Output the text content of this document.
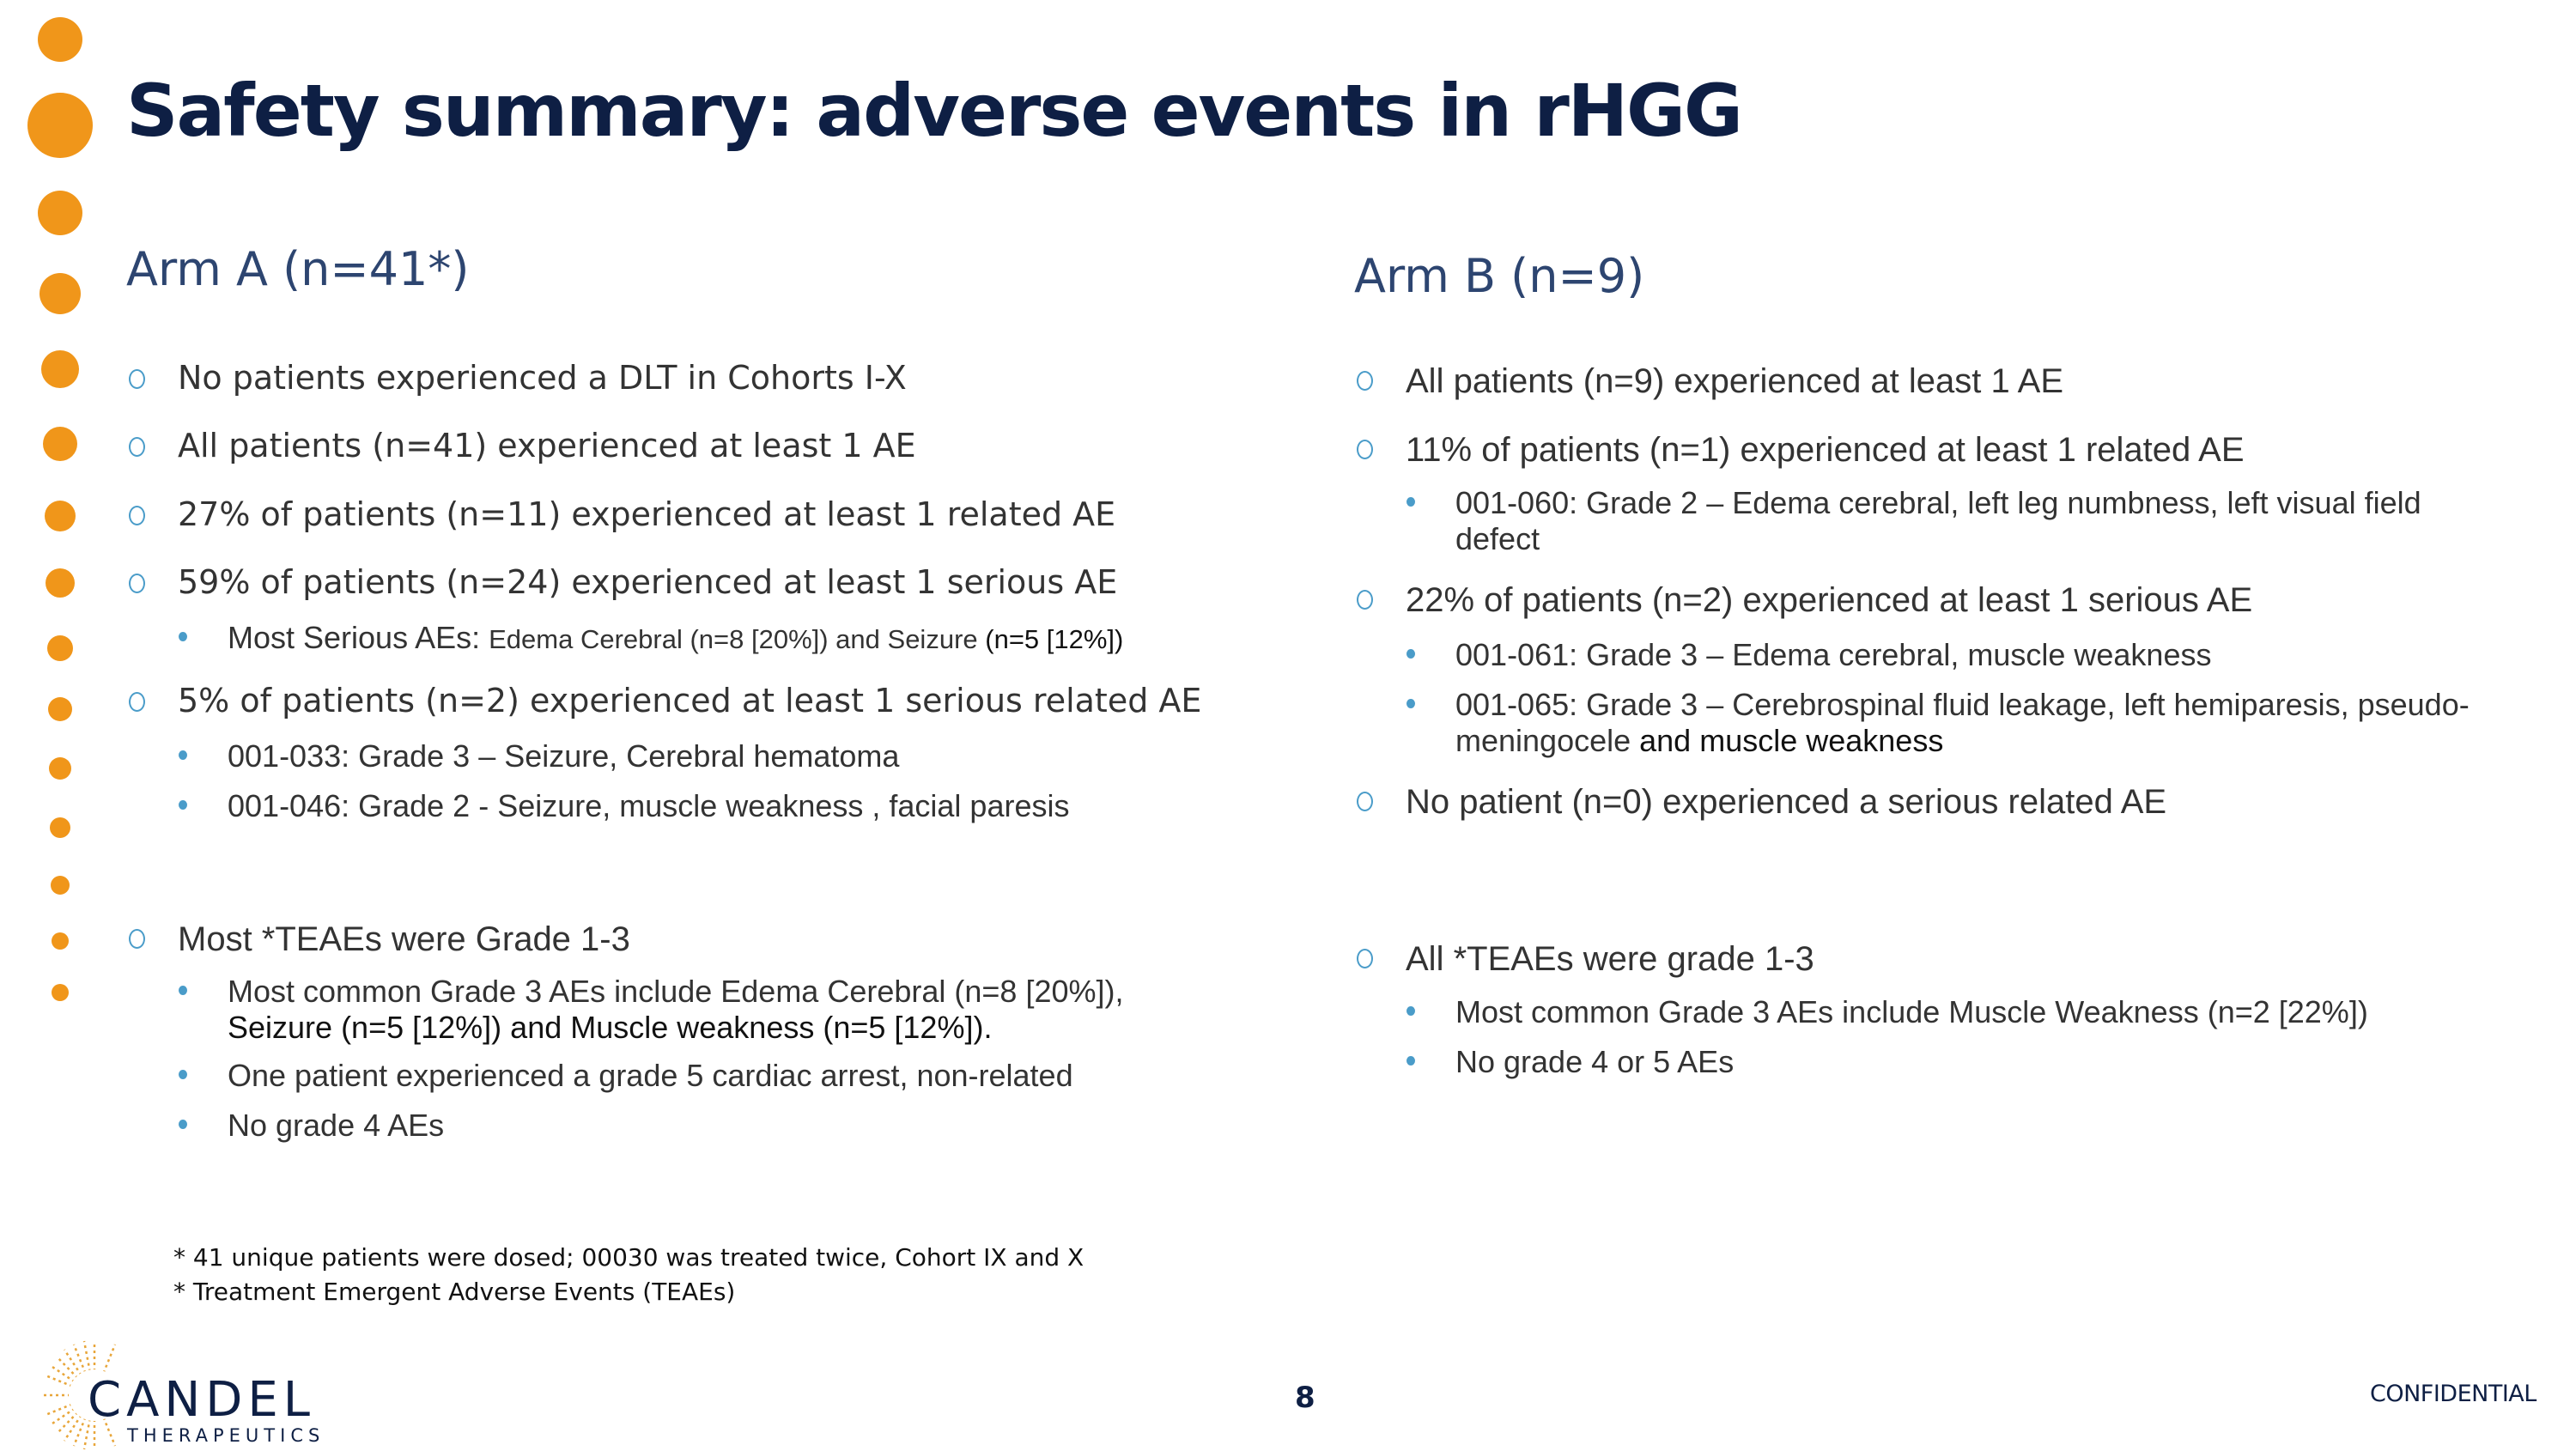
Safety summary: adverse events in rHGG
Arm A (n=41*)
No patients experienced a DLT in Cohorts I-X
All patients (n=41) experienced at least 1 AE
27% of patients (n=11) experienced at least 1 related AE
59% of patients (n=24) experienced at least 1 serious AE
Most Serious AEs: Edema Cerebral (n=8 [20%]) and Seizure (n=5 [12%])
5% of patients (n=2) experienced at least 1 serious related AE
001-033: Grade 3 – Seizure, Cerebral hematoma
001-046: Grade 2 - Seizure, muscle weakness , facial paresis
Most *TEAEs were Grade 1-3
Most common Grade 3 AEs include Edema Cerebral (n=8 [20%]),
Seizure (n=5 [12%]) and Muscle weakness (n=5 [12%]).
One patient experienced a grade 5 cardiac arrest, non-related
No grade 4 AEs
Arm B (n=9)
All patients (n=9) experienced at least 1 AE
11% of patients (n=1) experienced at least 1 related AE
001-060: Grade 2 – Edema cerebral, left leg numbness, left visual field
defect
22% of patients (n=2) experienced at least 1 serious AE
001-061: Grade 3 – Edema cerebral, muscle weakness
001-065: Grade 3 – Cerebrospinal fluid leakage, left hemiparesis, pseudo-
meningocele and muscle weakness
No patient (n=0) experienced a serious related AE
All *TEAEs were grade 1-3
Most common Grade 3 AEs include Muscle Weakness (n=2 [22%])
No grade 4 or 5 AEs
* 41 unique patients were dosed; 00030 was treated twice, Cohort IX and X
* Treatment Emergent Adverse Events (TEAEs)
CANDEL
THERAPEUTICS
8	CONFIDENTIAL
